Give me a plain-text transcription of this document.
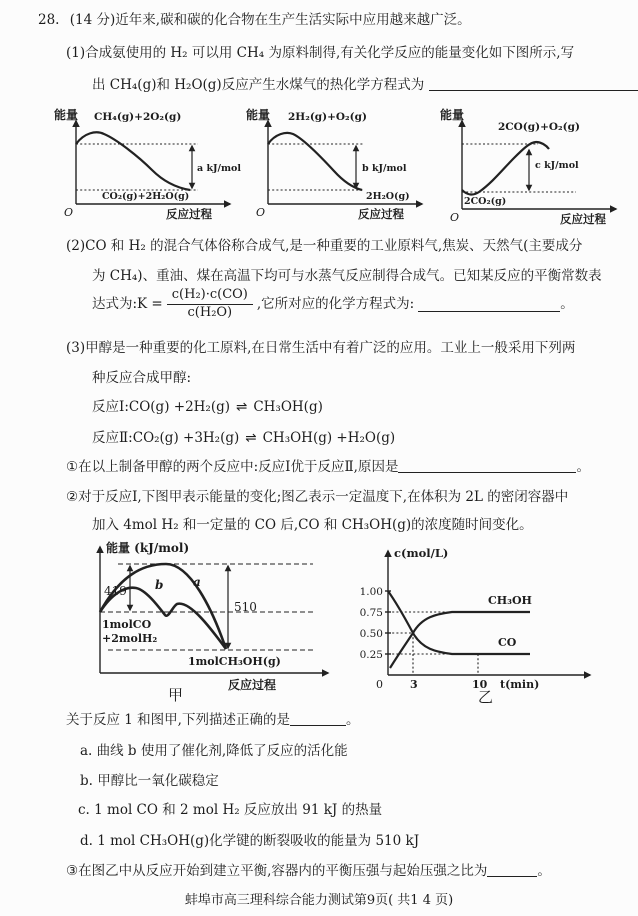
28. (14 分)近年来,碳和碳的化合物在生产生活实际中应用越来越广泛。
(1)合成氨使用的 H₂ 可以用 CH₄ 为原料制得,有关化学反应的能量变化如下图所示,写
出 CH₄(g)和 H₂O(g)反应产生水煤气的热化学方程式为
能量 CH₄(g)+2O₂(g)
a kJ/mol
CO₂(g)+2H₂O(g)
O	反应过程
能量 2H₂(g)+O₂(g)
b kJ/mol
2H₂O(g)
O	反应过程
能量
2CO(g)+O₂(g)
c kJ/mol
2CO₂(g)
O	反应过程
(2)CO 和 H₂ 的混合气体俗称合成气,是一种重要的工业原料气,焦炭、天然气(主要成分
为 CH₄)、重油、煤在高温下均可与水蒸气反应制得合成气。已知某反应的平衡常数表
达式为:K = $\frac{\text{c(H₂)·c(CO)}}{\text{c(H₂O)}}$ ,它所对应的化学方程式为:	。
(3)甲醇是一种重要的化工原料,在日常生活中有着广泛的应用。工业上一般采用下列两
种反应合成甲醇:
反应Ⅰ:CO(g) +2H₂(g) ⇌ CH₃OH(g)
反应Ⅱ:CO₂(g) +3H₂(g) ⇌ CH₃OH(g) +H₂O(g)
①在以上制备甲醇的两个反应中:反应Ⅰ优于反应Ⅱ,原因是	。
②对于反应Ⅰ,下图甲表示能量的变化;图乙表示一定温度下,在体积为 2L 的密闭容器中
加入 4mol H₂ 和一定量的 CO 后,CO 和 CH₃OH(g)的浓度随时间变化。
能量 (kJ/mol)
a
b
419
510
1molCO
+2molH₂
1molCH₃OH(g)
反应过程
甲
c(mol/L)
1.00
0.75
0.50
0.25
0 3	10 t(min)
CH₃OH
CO
乙
关于反应 1 和图甲,下列描述正确的是	。
a. 曲线 b 使用了催化剂,降低了反应的活化能
b. 甲醇比一氧化碳稳定
c. 1 mol CO 和 2 mol H₂ 反应放出 91 kJ 的热量
d. 1 mol CH₃OH(g)化学键的断裂吸收的能量为 510 kJ
③在图乙中从反应开始到建立平衡,容器内的平衡压强与起始压强之比为	。
蚌埠市高三理科综合能力测试第9页( 共1 4 页)
